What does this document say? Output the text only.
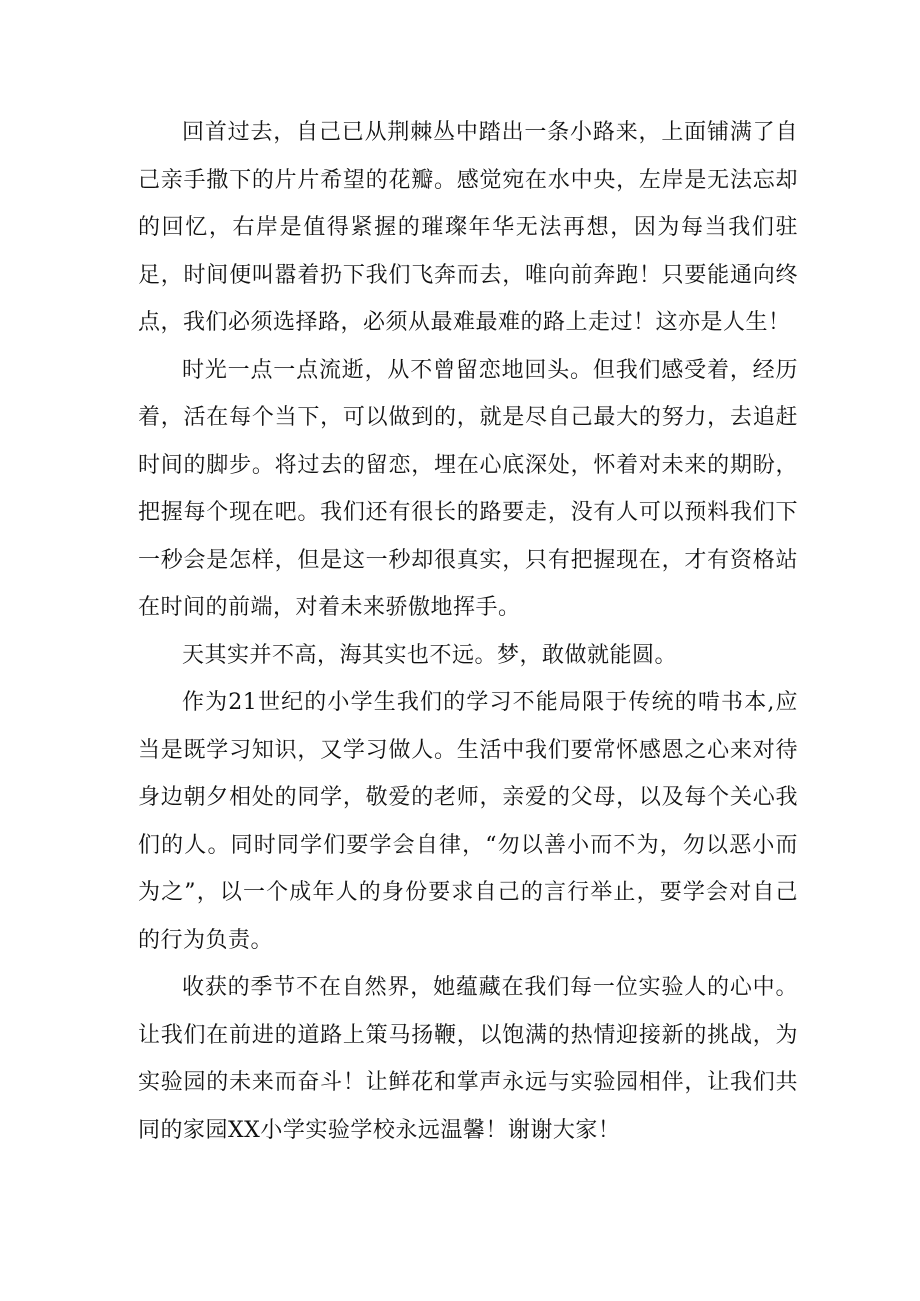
回首过去，自己已从荆棘丛中踏出一条小路来，上面铺满了自己亲手撒下的片片希望的花瓣。感觉宛在水中央，左岸是无法忘却的回忆，右岸是值得紧握的璀璨年华无法再想，因为每当我们驻足，时间便叫嚣着扔下我们飞奔而去，唯向前奔跑！只要能通向终点，我们必须选择路，必须从最难最难的路上走过！这亦是人生！

时光一点一点流逝，从不曾留恋地回头。但我们感受着，经历着，活在每个当下，可以做到的，就是尽自己最大的努力，去追赶时间的脚步。将过去的留恋，埋在心底深处，怀着对未来的期盼，把握每个现在吧。我们还有很长的路要走，没有人可以预料我们下一秒会是怎样，但是这一秒却很真实，只有把握现在，才有资格站在时间的前端，对着未来骄傲地挥手。

天其实并不高，海其实也不远。梦，敢做就能圆。

作为21世纪的小学生我们的学习不能局限于传统的啃书本,应当是既学习知识，又学习做人。生活中我们要常怀感恩之心来对待身边朝夕相处的同学，敬爱的老师，亲爱的父母，以及每个关心我们的人。同时同学们要学会自律，“勿以善小而不为，勿以恶小而为之”，以一个成年人的身份要求自己的言行举止，要学会对自己的行为负责。

收获的季节不在自然界，她蕴藏在我们每一位实验人的心中。让我们在前进的道路上策马扬鞭，以饱满的热情迎接新的挑战，为实验园的未来而奋斗！让鲜花和掌声永远与实验园相伴，让我们共同的家园XX小学实验学校永远温馨！谢谢大家！
